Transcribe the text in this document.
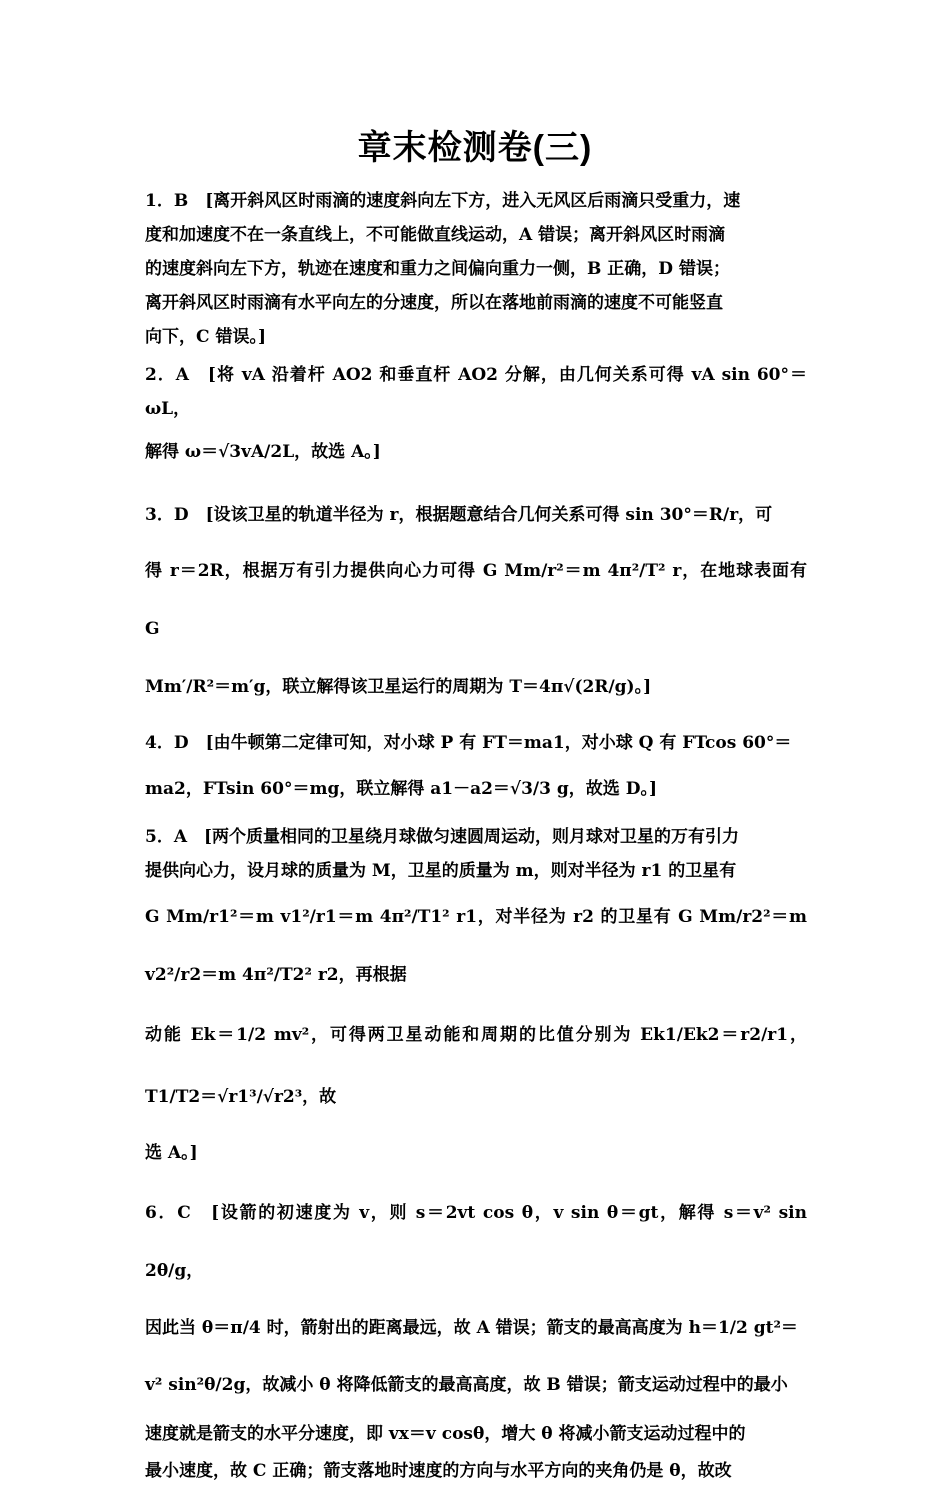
章末检测卷(三)
1．B　[离开斜风区时雨滴的速度斜向左下方，进入无风区后雨滴只受重力，速
度和加速度不在一条直线上，不可能做直线运动，A 错误；离开斜风区时雨滴
的速度斜向左下方，轨迹在速度和重力之间偏向重力一侧，B 正确，D 错误；
离开斜风区时雨滴有水平向左的分速度，所以在落地前雨滴的速度不可能竖直
向下，C 错误。]
2．A　[将 vA 沿着杆 AO2 和垂直杆 AO2 分解，由几何关系可得 vA sin 60°＝ωL，
解得 ω＝√3vA/2L，故选 A。]
3．D　[设该卫星的轨道半径为 r，根据题意结合几何关系可得 sin 30°＝R/r，可
得 r＝2R，根据万有引力提供向心力可得 G Mm/r²＝m 4π²/T² r，在地球表面有　G
Mm′/R²＝m′g，联立解得该卫星运行的周期为 T＝4π√(2R/g)。]
4．D　[由牛顿第二定律可知，对小球 P 有 FT＝ma1，对小球 Q 有 FTcos 60°＝
ma2，FTsin 60°＝mg，联立解得 a1－a2＝√3/3 g，故选 D。]
5．A　[两个质量相同的卫星绕月球做匀速圆周运动，则月球对卫星的万有引力
提供向心力，设月球的质量为 M，卫星的质量为 m，则对半径为 r1 的卫星有
G Mm/r1²＝m v1²/r1＝m 4π²/T1² r1，对半径为 r2 的卫星有 G Mm/r2²＝m v2²/r2＝m 4π²/T2² r2，再根据
动能 Ek＝1/2 mv²，可得两卫星动能和周期的比值分别为 Ek1/Ek2＝r2/r1，T1/T2＝√r1³/√r2³，故
选 A。]
6．C　[设箭的初速度为 v，则 s＝2vt cos θ，v sin θ＝gt，解得 s＝v² sin 2θ/g，
因此当 θ＝π/4 时，箭射出的距离最远，故 A 错误；箭支的最高高度为 h＝1/2 gt²＝
v² sin²θ/2g，故减小 θ 将降低箭支的最高高度，故 B 错误；箭支运动过程中的最小
速度就是箭支的水平分速度，即 vx＝v cosθ，增大 θ 将减小箭支运动过程中的
最小速度，故 C 正确；箭支落地时速度的方向与水平方向的夹角仍是 θ，故改
